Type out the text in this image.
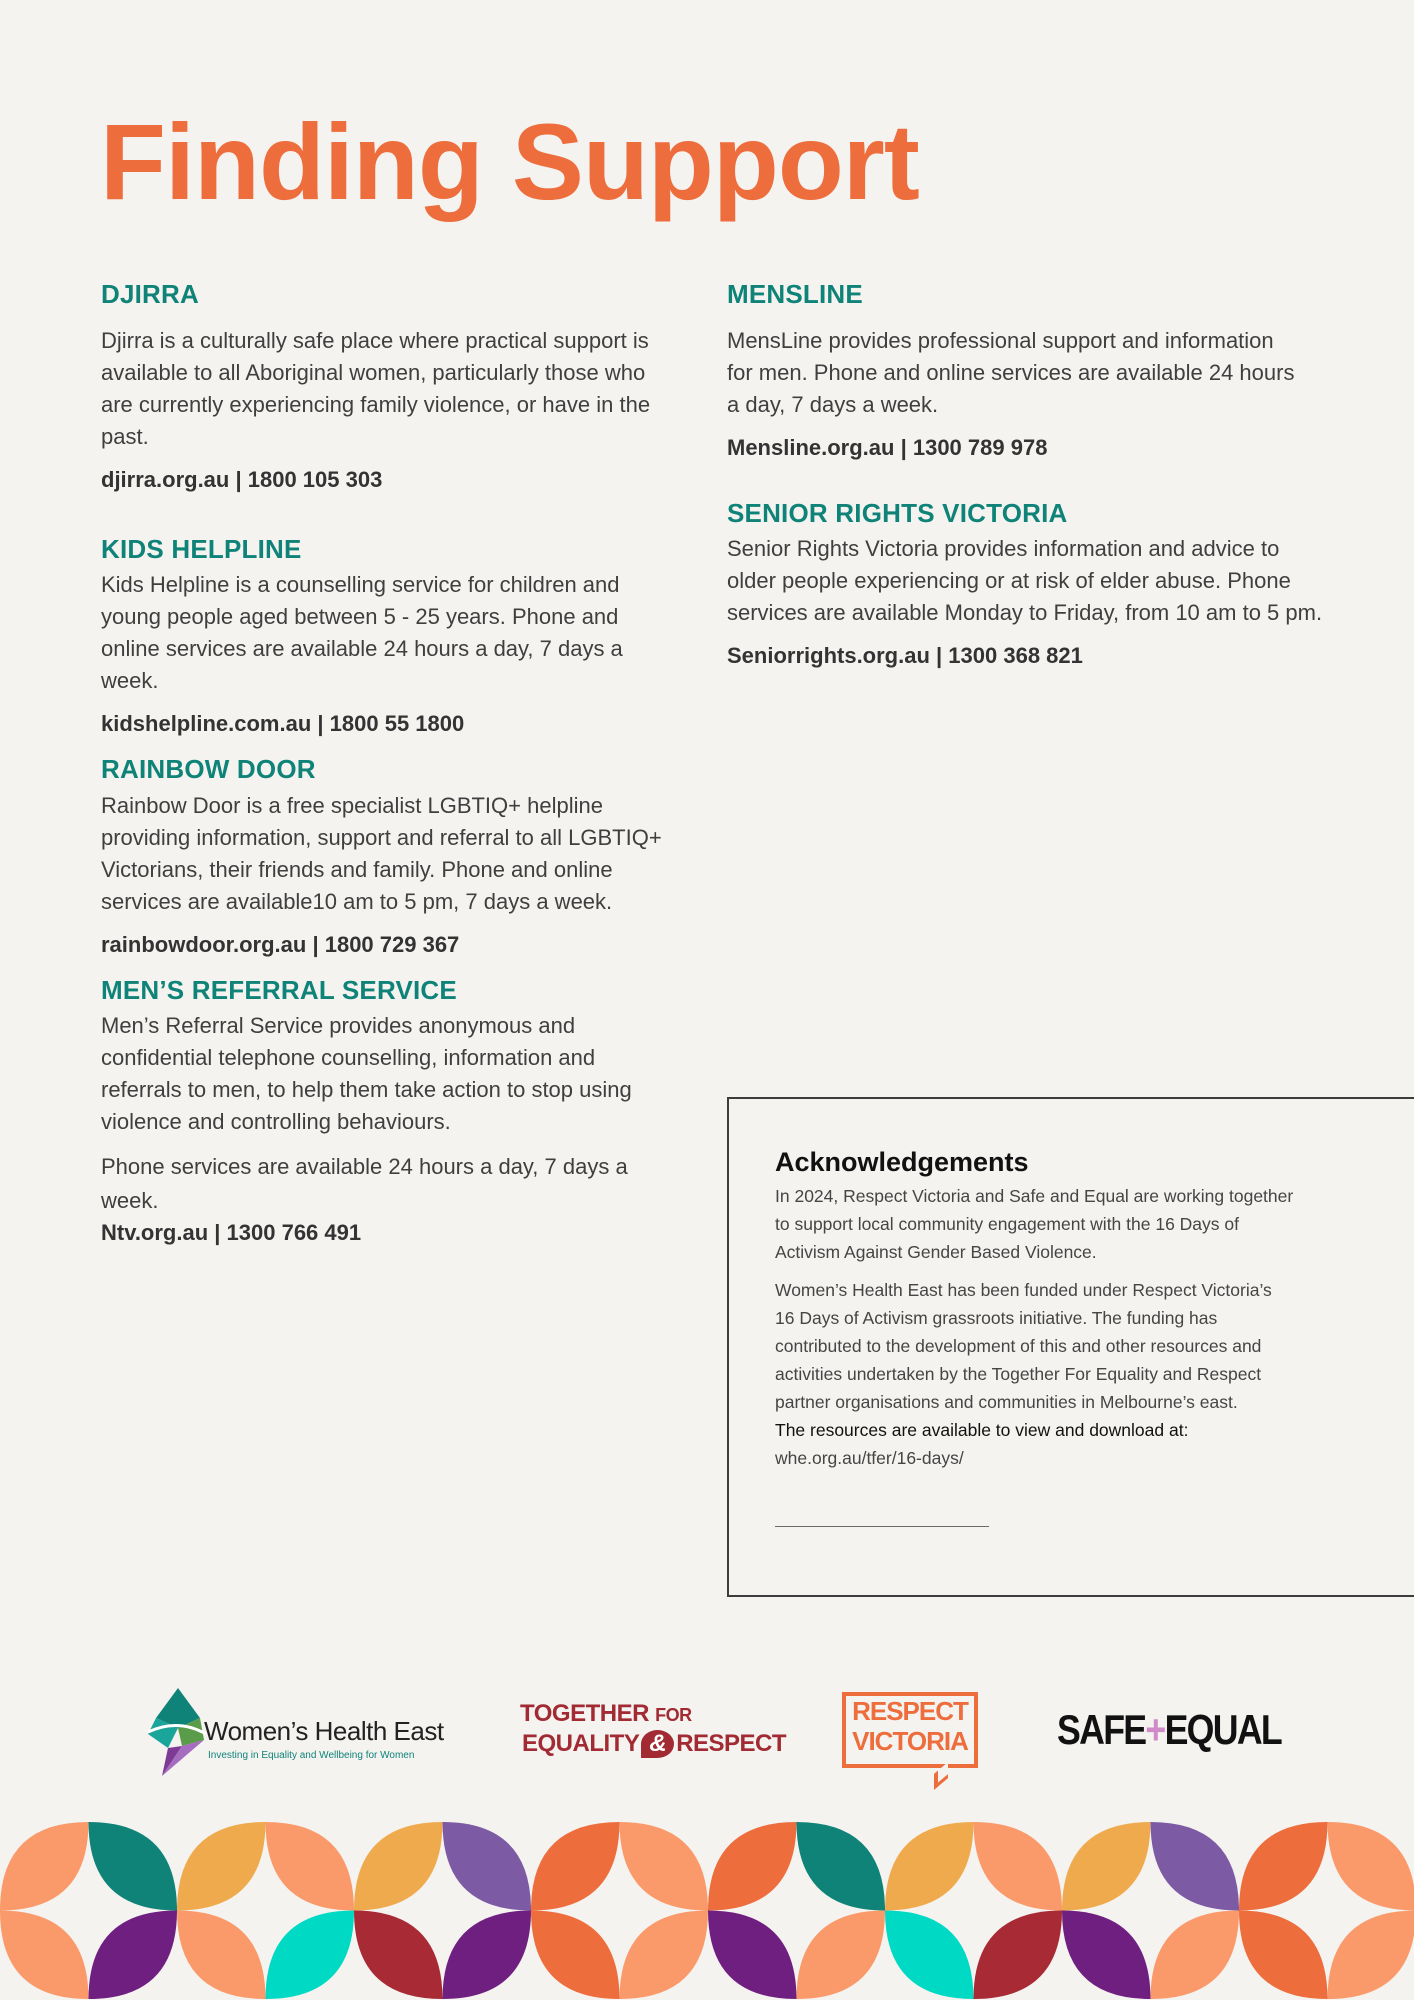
Finding Support
DJIRRA
Djirra is a culturally safe place where practical support is available to all Aboriginal women, particularly those who are currently experiencing family violence, or have in the past.
djirra.org.au | 1800 105 303
KIDS HELPLINE
Kids Helpline is a counselling service for children and young people aged between 5 - 25 years. Phone and online services are available 24 hours a day, 7 days a week.
kidshelpline.com.au | 1800 55 1800
RAINBOW DOOR
Rainbow Door is a free specialist LGBTIQ+ helpline providing information, support and referral to all LGBTIQ+ Victorians, their friends and family. Phone and online services are available10 am to 5 pm, 7 days a week.
rainbowdoor.org.au | 1800 729 367
MEN’S REFERRAL SERVICE
Men’s Referral Service provides anonymous and confidential telephone counselling, information and referrals to men, to help them take action to stop using violence and controlling behaviours.
Phone services are available 24 hours a day, 7 days a week.
Ntv.org.au | 1300 766 491
MENSLINE
MensLine provides professional support and information for men. Phone and online services are available 24 hours a day, 7 days a week.
Mensline.org.au | 1300 789 978
SENIOR RIGHTS VICTORIA
Senior Rights Victoria provides information and advice to older people experiencing or at risk of elder abuse. Phone services are available Monday to Friday, from 10 am to 5 pm.
Seniorrights.org.au | 1300 368 821
Acknowledgements
In 2024, Respect Victoria and Safe and Equal are working together to support local community engagement with the 16 Days of Activism Against Gender Based Violence.
Women’s Health East has been funded under Respect Victoria’s 16 Days of Activism grassroots initiative. The funding has contributed to the development of this and other resources and activities undertaken by the Together For Equality and Respect partner organisations and communities in Melbourne’s east.
The resources are available to view and download at:
whe.org.au/tfer/16-days/
Women’s Health East
Investing in Equality and Wellbeing for Women
TOGETHER FOR
EQUALITY & RESPECT
RESPECT
VICTORIA SAFE+EQUAL
